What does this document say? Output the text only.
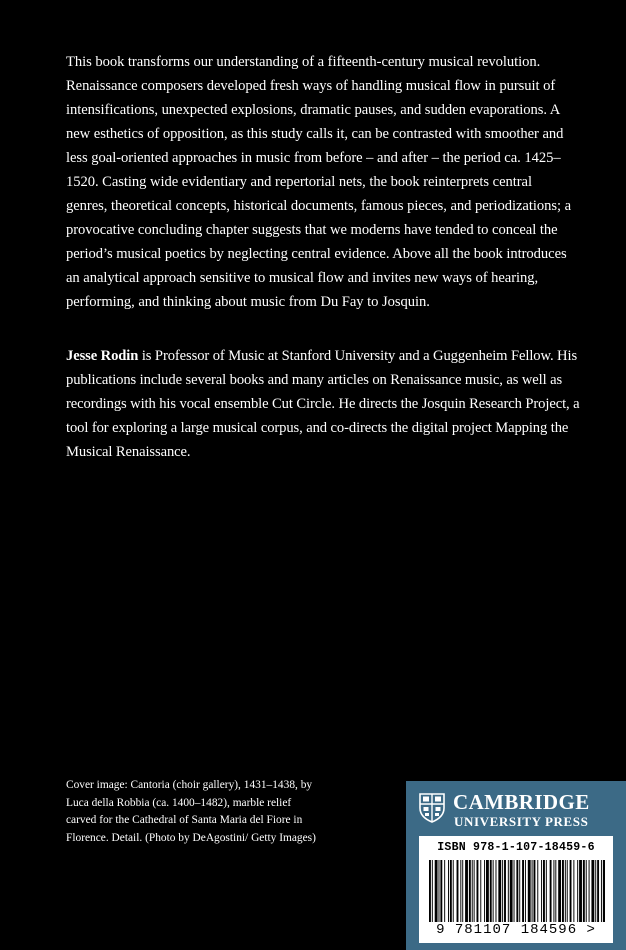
This book transforms our understanding of a fifteenth-century musical revolution. Renaissance composers developed fresh ways of handling musical flow in pursuit of intensifications, unexpected explosions, dramatic pauses, and sudden evaporations. A new esthetics of opposition, as this study calls it, can be contrasted with smoother and less goal-oriented approaches in music from before – and after – the period ca. 1425–1520. Casting wide evidentiary and repertorial nets, the book reinterprets central genres, theoretical concepts, historical documents, famous pieces, and periodizations; a provocative concluding chapter suggests that we moderns have tended to conceal the period’s musical poetics by neglecting central evidence. Above all the book introduces an analytical approach sensitive to musical flow and invites new ways of hearing, performing, and thinking about music from Du Fay to Josquin.

Jesse Rodin is Professor of Music at Stanford University and a Guggenheim Fellow. His publications include several books and many articles on Renaissance music, as well as recordings with his vocal ensemble Cut Circle. He directs the Josquin Research Project, a tool for exploring a large musical corpus, and co-directs the digital project Mapping the Musical Renaissance.

Cover image: Cantoria (choir gallery), 1431–1438, by Luca della Robbia (ca. 1400–1482), marble relief carved for the Cathedral of Santa Maria del Fiore in Florence. Detail. (Photo by DeAgostini/ Getty Images)

CAMBRIDGE
UNIVERSITY PRESS
ISBN 978-1-107-18459-6
9 781107 184596 >
